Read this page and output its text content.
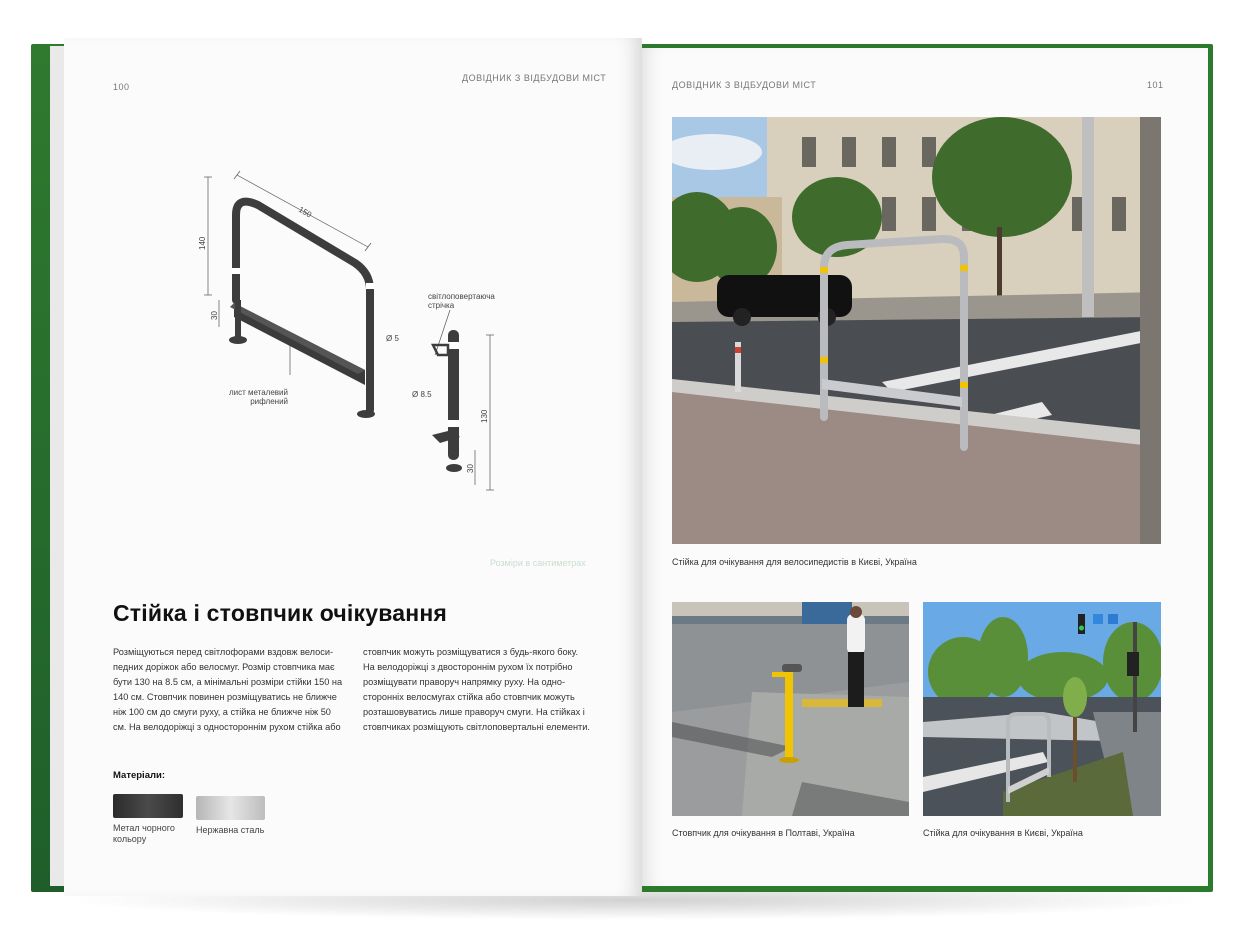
100
ДОВІДНИК З ВІДБУДОВИ МІСТ
150
140
30
Ø 5
Ø 8.5
130
30
світлоповертаюча
стрічка
лист металевий
рифлений
Розміри в сантиметрах
Стійка і стовпчик очікування
Розміщуються перед світлофорами вздовж велоси-
педних доріжок або велосмуг. Розмір стовпчика має
бути 130 на 8.5 см, а мінімальні розміри стійки 150 на
140 см. Стовпчик повинен розміщуватись не ближче
ніж 100 см до смуги руху, а стійка не ближче ніж 50
см. На велодоріжці з одностороннім рухом стійка або
стовпчик можуть розміщуватися з будь-якого боку.
На велодоріжці з двостороннім рухом їх потрібно
розміщувати праворуч напрямку руху. На одно-
сторонніх велосмугах стійка або стовпчик можуть
розташовуватись лише праворуч смуги. На стійках і
стовпчиках розміщують світлоповертальні елементи.
Матеріали:
Метал чорного
кольору
Нержавна сталь
ДОВІДНИК З ВІДБУДОВИ МІСТ	101
Стійка для очікування для велосипедистів в Києві, Україна
Стовпчик для очікування в Полтаві, Україна	Стійка для очікування в Києві, Україна
